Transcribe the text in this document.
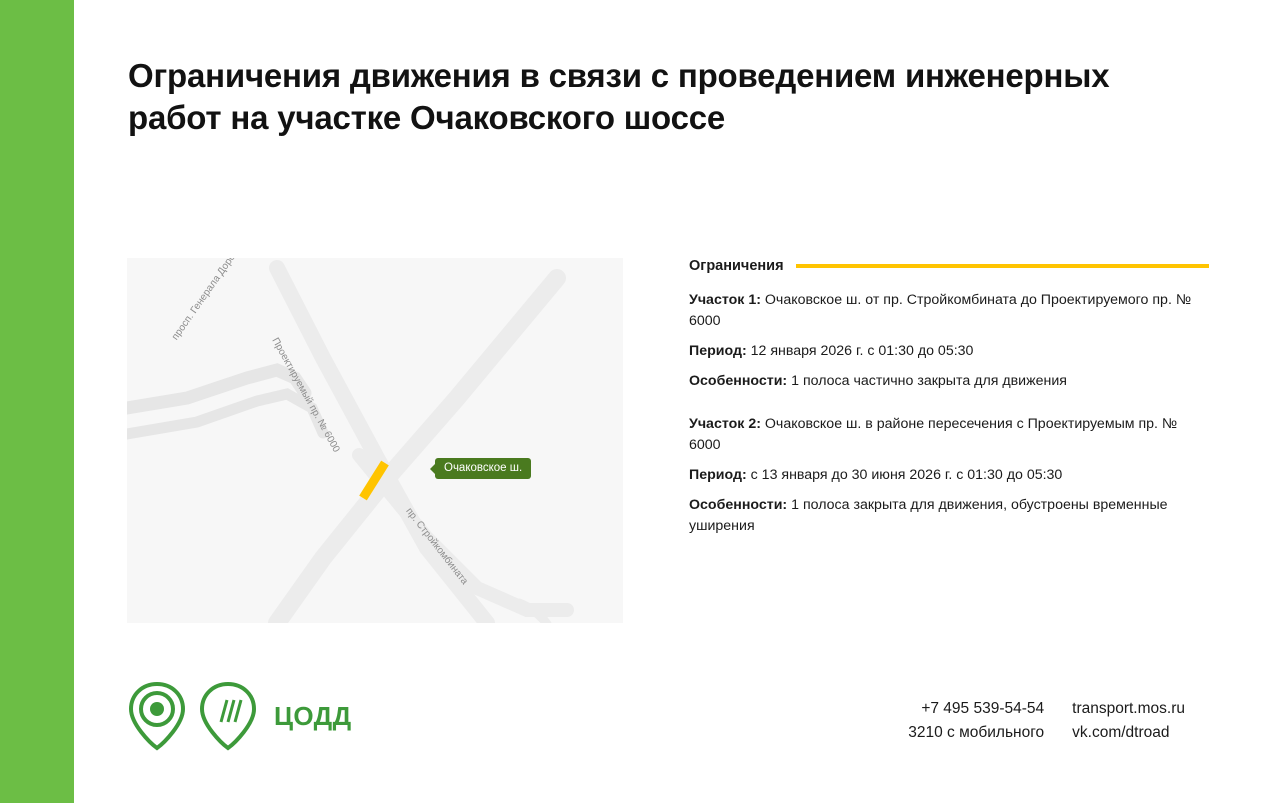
Ограничения движения в связи с проведением инженерных работ на участке Очаковского шоссе
Очаковское ш.
Проектируемый пр. № 6000
пр. Стройкомбината
Ограничения

Участок 1: Очаковское ш. от пр. Стройкомбината до Проектируемого пр. № 6000

Период: 12 января 2026 г. с 01:30 до 05:30

Особенности: 1 полоса частично закрыта для движения

Участок 2: Очаковское ш. в районе пересечения с Проектируемым пр. № 6000

Период: с 13 января до 30 июня 2026 г. с 01:30 до 05:30

Особенности: 1 полоса закрыта для движения, обустроены временные уширения

ЦОДД	+7 495 539-54-54
3210 с мобильного
transport.mos.ru
vk.com/dtroad
